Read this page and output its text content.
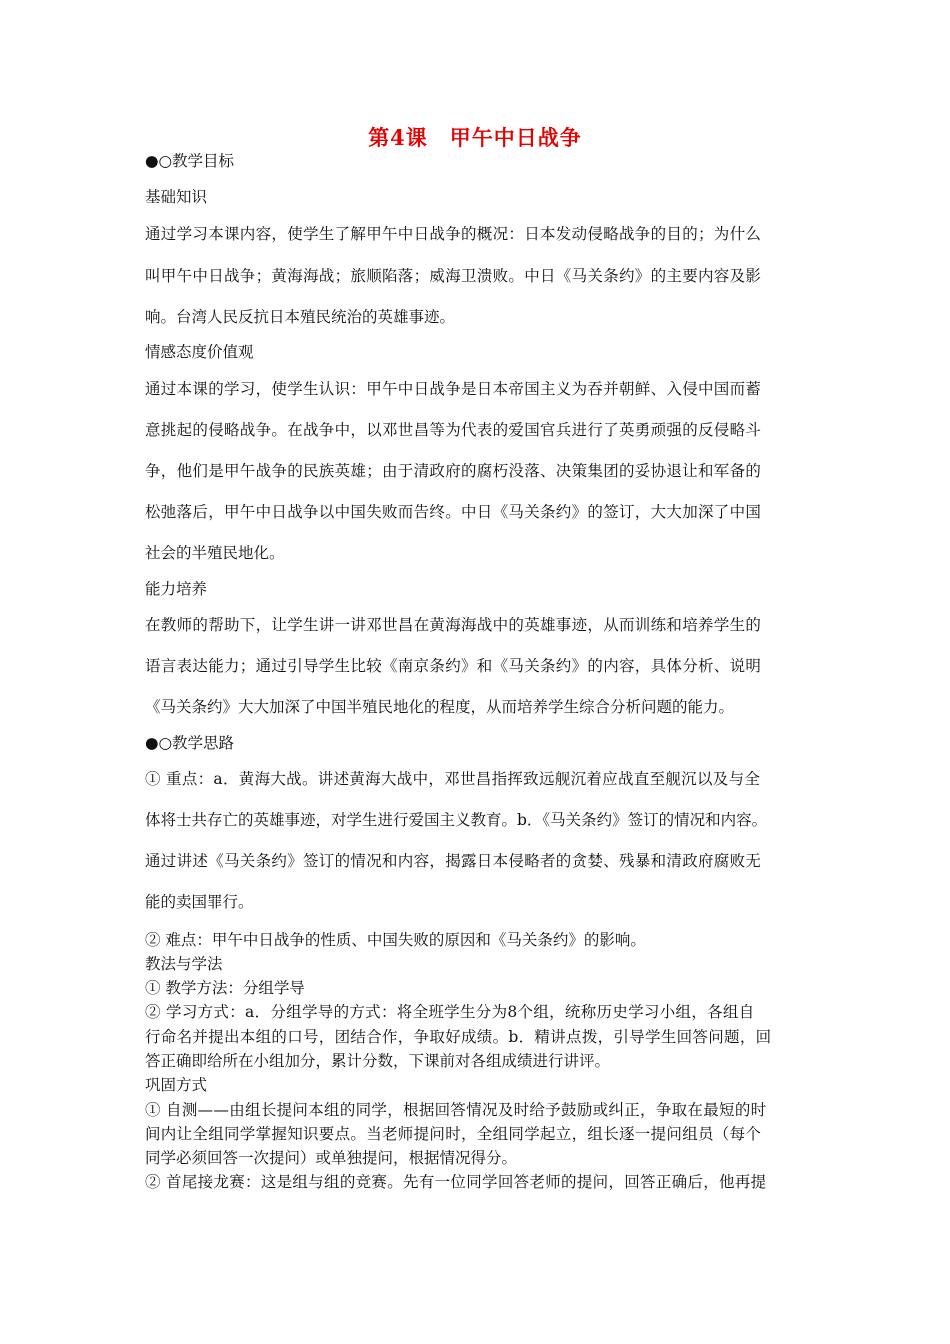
第4课　甲午中日战争
●○教学目标
基础知识
通过学习本课内容，使学生了解甲午中日战争的概况：日本发动侵略战争的目的；为什么
叫甲午中日战争；黄海海战；旅顺陷落；威海卫溃败。中日《马关条约》的主要内容及影
响。台湾人民反抗日本殖民统治的英雄事迹。
情感态度价值观
通过本课的学习，使学生认识：甲午中日战争是日本帝国主义为吞并朝鲜、入侵中国而蓄
意挑起的侵略战争。在战争中，以邓世昌等为代表的爱国官兵进行了英勇顽强的反侵略斗
争，他们是甲午战争的民族英雄；由于清政府的腐朽没落、决策集团的妥协退让和军备的
松弛落后，甲午中日战争以中国失败而告终。中日《马关条约》的签订，大大加深了中国
社会的半殖民地化。
能力培养
在教师的帮助下，让学生讲一讲邓世昌在黄海海战中的英雄事迹，从而训练和培养学生的
语言表达能力；通过引导学生比较《南京条约》和《马关条约》的内容，具体分析、说明
《马关条约》大大加深了中国半殖民地化的程度，从而培养学生综合分析问题的能力。
●○教学思路
① 重点：a．黄海大战。讲述黄海大战中，邓世昌指挥致远舰沉着应战直至舰沉以及与全
体将士共存亡的英雄事迹，对学生进行爱国主义教育。b．《马关条约》签订的情况和内容。
通过讲述《马关条约》签订的情况和内容，揭露日本侵略者的贪婪、残暴和清政府腐败无
能的卖国罪行。
② 难点：甲午中日战争的性质、中国失败的原因和《马关条约》的影响。
教法与学法
① 教学方法：分组学导
② 学习方式：a．分组学导的方式：将全班学生分为8个组，统称历史学习小组，各组自
行命名并提出本组的口号，团结合作，争取好成绩。b．精讲点拨，引导学生回答问题，回
答正确即给所在小组加分，累计分数，下课前对各组成绩进行讲评。
巩固方式
① 自测——由组长提问本组的同学，根据回答情况及时给予鼓励或纠正，争取在最短的时
间内让全组同学掌握知识要点。当老师提问时，全组同学起立，组长逐一提问组员（每个
同学必须回答一次提问）或单独提问，根据情况得分。
② 首尾接龙赛：这是组与组的竞赛。先有一位同学回答老师的提问，回答正确后，他再提
